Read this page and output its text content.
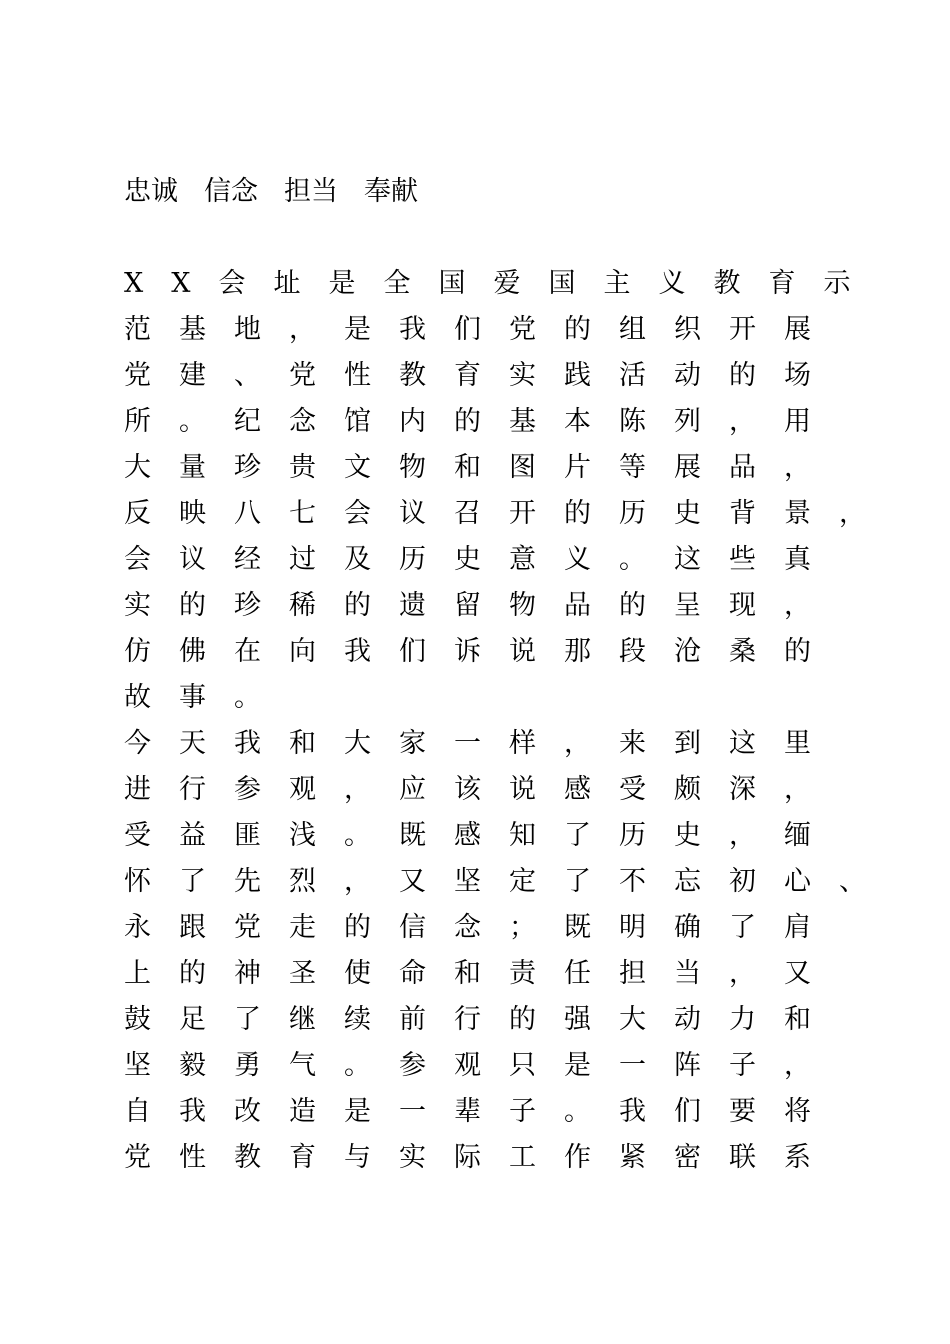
忠诚 信念 担当 奉献
XX会址是全国爱国主义教育示
范基地，是我们党的组织开展
党建、党性教育实践活动的场
所。纪念馆内的基本陈列，用
大量珍贵文物和图片等展品，
反映八七会议召开的历史背景，
会议经过及历史意义。这些真
实的珍稀的遗留物品的呈现，
仿佛在向我们诉说那段沧桑的
故事。
今天我和大家一样，来到这里
进行参观，应该说感受颇深，
受益匪浅。既感知了历史，缅
怀了先烈，又坚定了不忘初心、
永跟党走的信念；既明确了肩
上的神圣使命和责任担当，又
鼓足了继续前行的强大动力和
坚毅勇气。参观只是一阵子，
自我改造是一辈子。我们要将
党性教育与实际工作紧密联系
